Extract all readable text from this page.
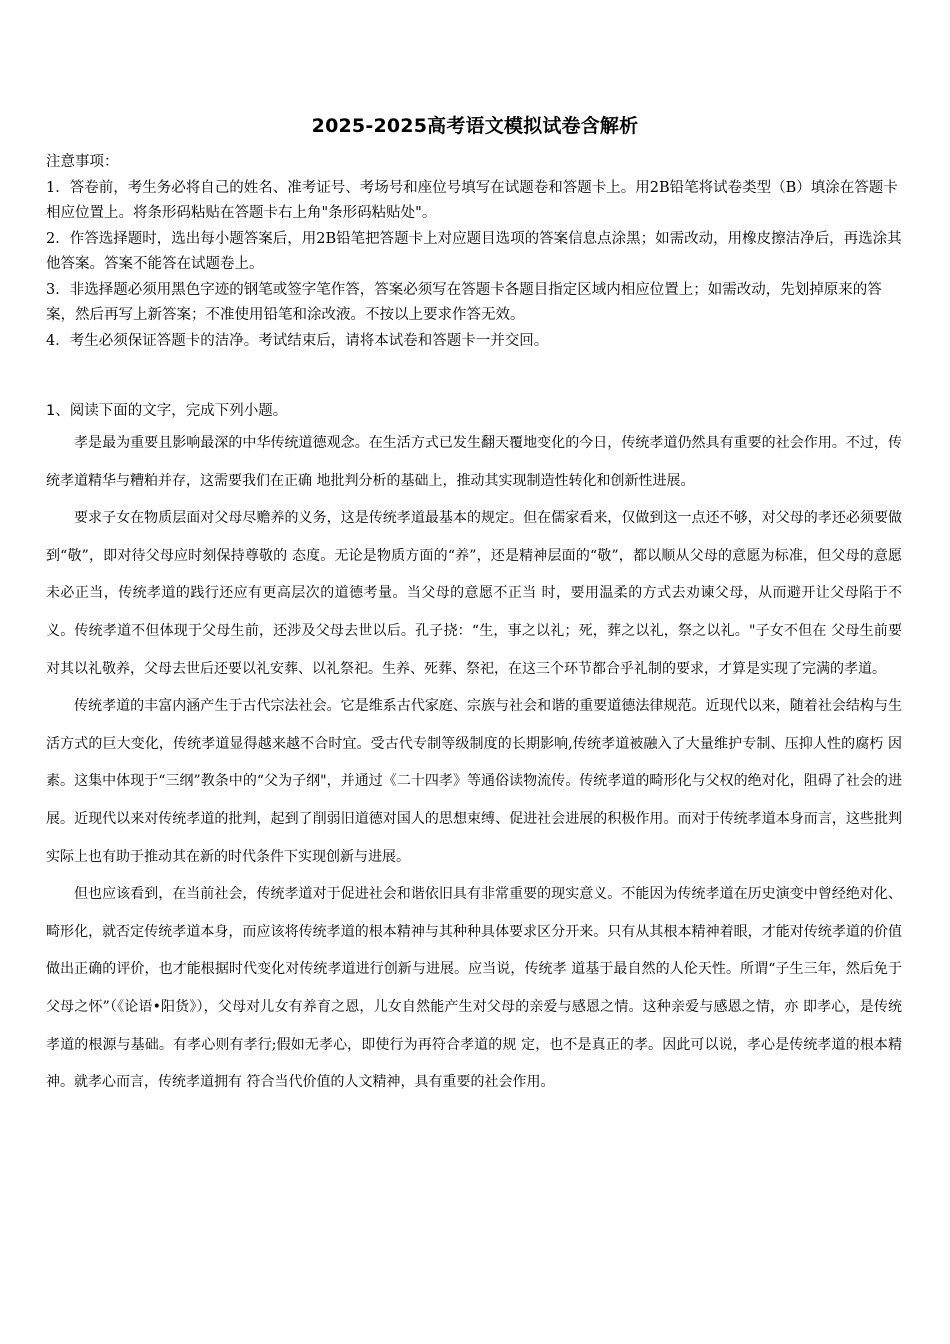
2025-2025高考语文模拟试卷含解析

注意事项：

1．答卷前，考生务必将自己的姓名、准考证号、考场号和座位号填写在试题卷和答题卡上。用2B铅笔将试卷类型（B）填涂在答题卡相应位置上。将条形码粘贴在答题卡右上角"条形码粘贴处"。

2．作答选择题时，选出每小题答案后，用2B铅笔把答题卡上对应题目选项的答案信息点涂黑；如需改动，用橡皮擦洁净后，再选涂其他答案。答案不能答在试题卷上。

3．非选择题必须用黑色字迹的钢笔或签字笔作答，答案必须写在答题卡各题目指定区域内相应位置上；如需改动，先划掉原来的答案，然后再写上新答案；不准使用铅笔和涂改液。不按以上要求作答无效。

4．考生必须保证答题卡的洁净。考试结束后，请将本试卷和答题卡一并交回。

1、阅读下面的文字，完成下列小题。

孝是最为重要且影响最深的中华传统道德观念。在生活方式已发生翻天覆地变化的今日，传统孝道仍然具有重要的社会作用。不过，传统孝道精华与糟粕并存，这需要我们在正确 地批判分析的基础上，推动其实现制造性转化和创新性进展。

要求子女在物质层面对父母尽赡养的义务，这是传统孝道最基本的规定。但在儒家看来，仅做到这一点还不够，对父母的孝还必须要做到“敬”，即对待父母应时刻保持尊敬的 态度。无论是物质方面的“养”，还是精神层面的“敬”，都以顺从父母的意愿为标准，但父母的意愿未必正当，传统孝道的践行还应有更高层次的道德考量。当父母的意愿不正当 时，要用温柔的方式去劝谏父母，从而避开让父母陷于不义。传统孝道不但体现于父母生前，还涉及父母去世以后。孔子挠：“生，事之以礼；死，葬之以礼，祭之以礼。"子女不但在 父母生前要对其以礼敬养，父母去世后还要以礼安葬、以礼祭祀。生养、死葬、祭祀，在这三个环节都合乎礼制的要求，才算是实现了完满的孝道。

传统孝道的丰富内涵产生于古代宗法社会。它是维系古代家庭、宗族与社会和谐的重要道德法律规范。近现代以来，随着社会结构与生活方式的巨大变化，传统孝道显得越来越不合时宜。受古代专制等级制度的长期影响,传统孝道被融入了大量维护专制、压抑人性的腐朽 因素。这集中体现于“三纲”教条中的“父为子纲"，并通过《二十四孝》等通俗读物流传。传统孝道的畸形化与父权的绝对化，阻碍了社会的进展。近现代以来对传统孝道的批判，起到了削弱旧道德对国人的思想束缚、促进社会进展的积极作用。而对于传统孝道本身而言，这些批判实际上也有助于推动其在新的时代条件下实现创新与进展。

但也应该看到，在当前社会，传统孝道对于促进社会和谐依旧具有非常重要的现实意义。不能因为传统孝道在历史演变中曾经绝对化、畸形化，就否定传统孝道本身，而应该将传统孝道的根本精神与其种种具体要求区分开来。只有从其根本精神着眼，才能对传统孝道的价值做出正确的评价，也才能根据时代变化对传统孝道进行创新与进展。应当说，传统孝 道基于最自然的人伦天性。所谓“子生三年，然后免于父母之怀”（《论语•阳货》），父母对儿女有养育之恩，儿女自然能产生对父母的亲爱与感恩之情。这种亲爱与感恩之情，亦 即孝心，是传统孝道的根源与基础。有孝心则有孝行;假如无孝心，即使行为再符合孝道的规 定，也不是真正的孝。因此可以说，孝心是传统孝道的根本精神。就孝心而言，传统孝道拥有 符合当代价值的人文精神，具有重要的社会作用。
